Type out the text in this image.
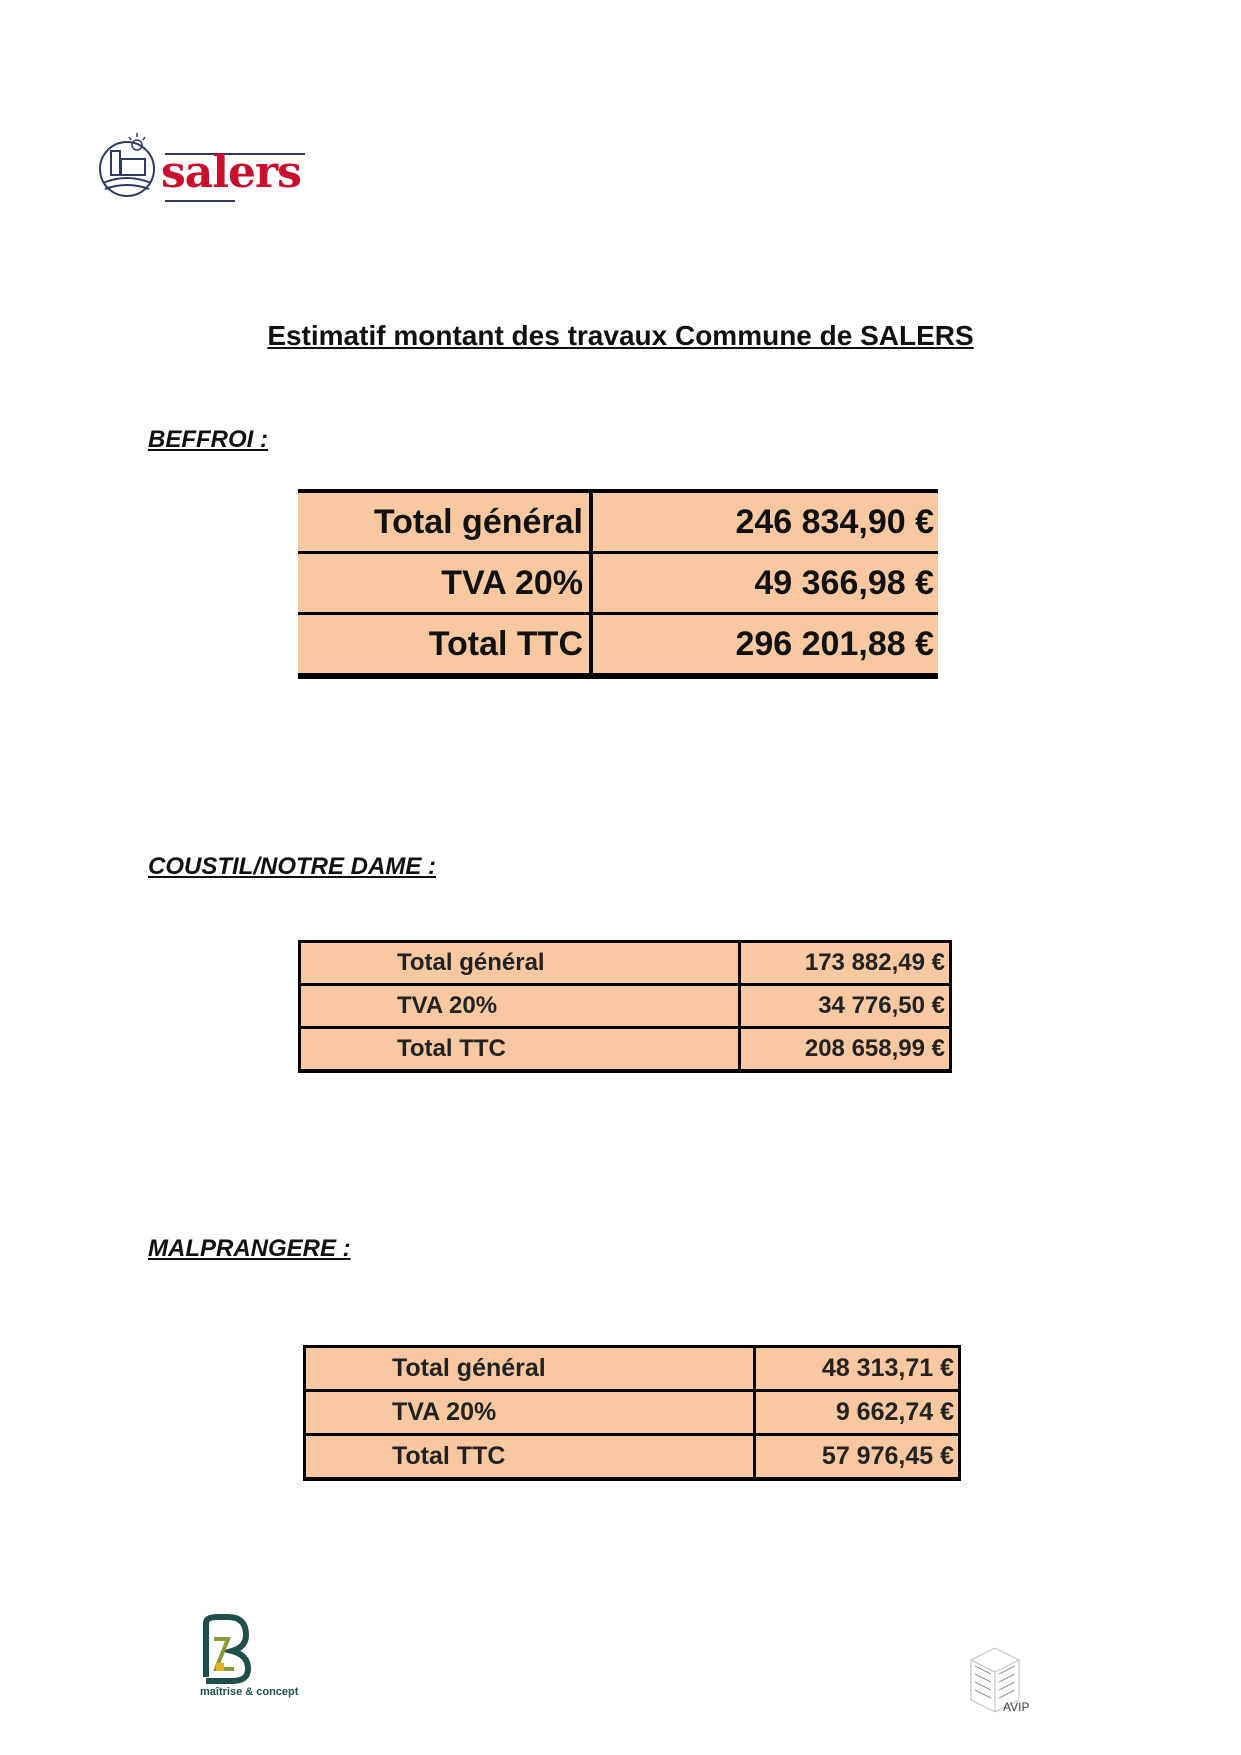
salers
Estimatif montant des travaux Commune de SALERS
BEFFROI :
Total général	246 834,90 €
TVA 20%	49 366,98 €
Total TTC	296 201,88 €
COUSTIL/NOTRE DAME :
Total général	173 882,49 €
TVA 20%	34 776,50 €
Total TTC	208 658,99 €
MALPRANGERE :
Total général	48 313,71 €
TVA 20%	9 662,74 €
Total TTC	57 976,45 €
maîtrise & concept
AVIP
